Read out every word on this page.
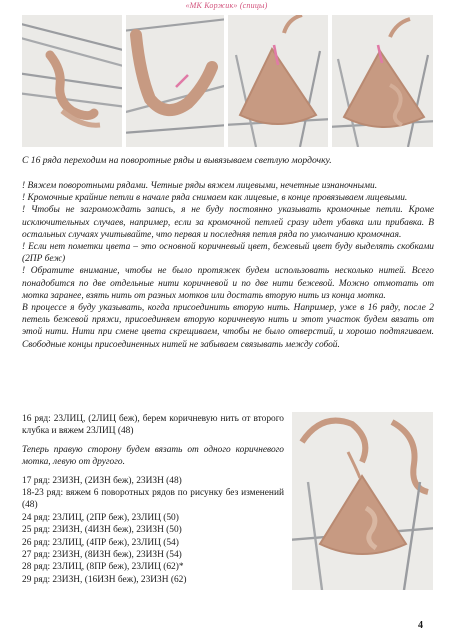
«МК Коржик» (спицы)

С 16 ряда переходим на поворотные ряды и вывязываем светлую мордочку.

! Вяжем поворотными рядами. Четные ряды вяжем лицевыми, нечетные изнаночными.

! Кромочные крайние петли в начале ряда снимаем как лицевые, в конце провязываем лицевыми.

! Чтобы не загромождать запись, я не буду постоянно указывать кромочные петли. Кроме исключительных случаев, например, если за кромочной петлей сразу идет убавка или прибавка. В остальных случаях учитывайте, что первая и последняя петля ряда по умолчанию кромочная.

! Если нет пометки цвета – это основной коричневый цвет, бежевый цвет буду выделять скобками (2ПР беж)

! Обратите внимание, чтобы не было протяжек будем использовать несколько нитей. Всего понадобится по две отдельные нити коричневой и по две нити бежевой. Можно отмотать от мотка заранее, взять нить от разных мотков или достать вторую нить из конца мотка.

В процессе я буду указывать, когда присоединить вторую нить. Например, уже в 16 ряду, после 2 петель бежевой пряжи, присоединяем вторую коричневую нить и этот участок будем вязать от этой нити. Нити при смене цвета скрещиваем, чтобы не было отверстий, и хорошо подтягиваем. Свободные концы присоединенных нитей не забываем связывать между собой.

16 ряд: 23ЛИЦ, (2ЛИЦ беж), берем коричневую нить от второго клубка и вяжем 23ЛИЦ (48)

Теперь правую сторону будем вязать от одного коричневого мотка, левую от другого.

17 ряд: 23ИЗН, (2ИЗН беж), 23ИЗН (48)

18-23 ряд: вяжем 6 поворотных рядов по рисунку без изменений (48)

24 ряд: 23ЛИЦ, (2ПР беж), 23ЛИЦ (50)

25 ряд: 23ИЗН, (4ИЗН беж), 23ИЗН (50)

26 ряд: 23ЛИЦ, (4ПР беж), 23ЛИЦ (54)

27 ряд: 23ИЗН, (8ИЗН беж), 23ИЗН (54)

28 ряд: 23ЛИЦ, (8ПР беж), 23ЛИЦ (62)*

29 ряд: 23ИЗН, (16ИЗН беж), 23ИЗН (62)

4
